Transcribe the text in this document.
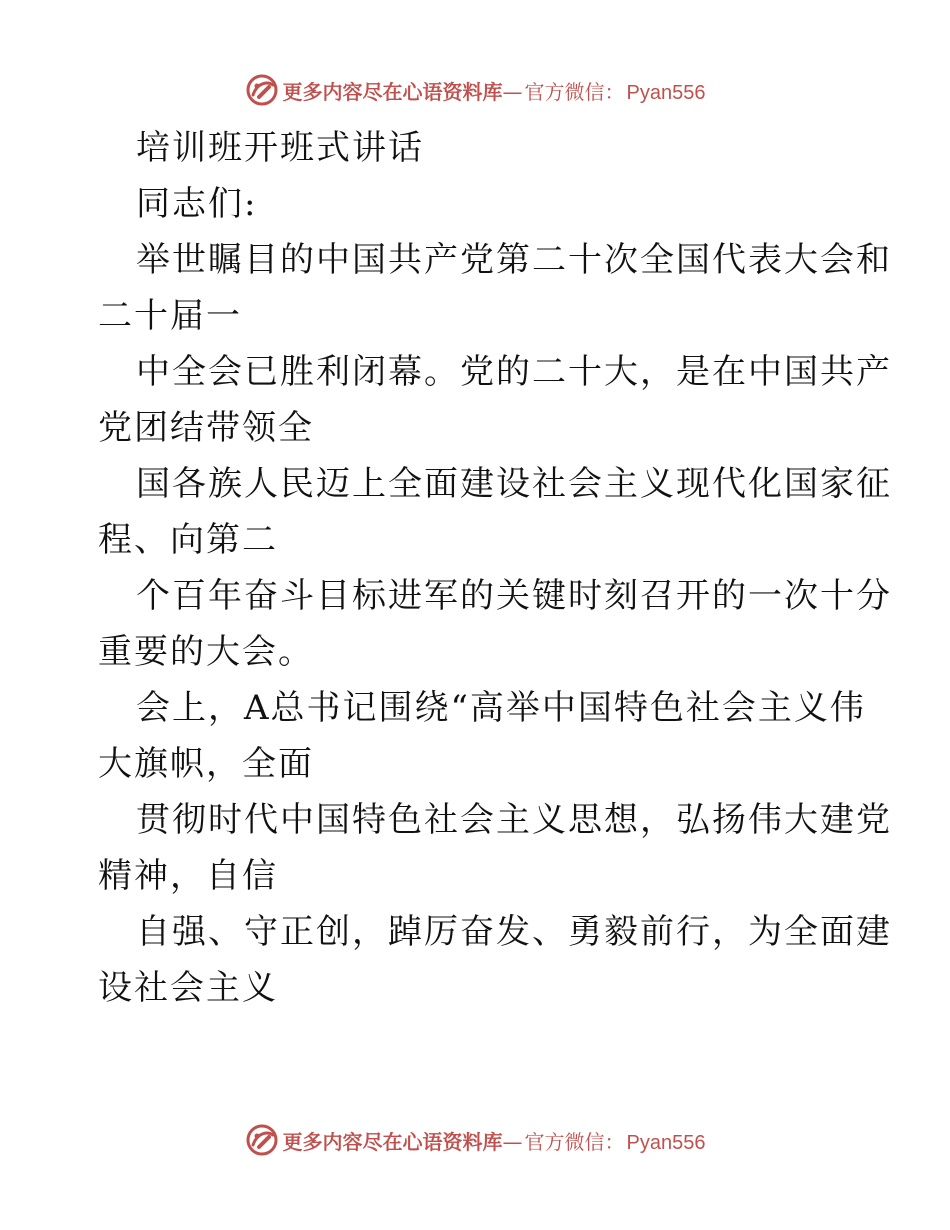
更多内容尽在心语资料库 — 官方微信： Pyan556
培训班开班式讲话
同志们:
举世瞩目的中国共产党第二十次全国代表大会和
二十届一
中全会已胜利闭幕。党的二十大，是在中国共产
党团结带领全
国各族人民迈上全面建设社会主义现代化国家征
程、向第二
个百年奋斗目标进军的关键时刻召开的一次十分
重要的大会。
会上，A总书记围绕“高举中国特色社会主义伟
大旗帜，全面
贯彻时代中国特色社会主义思想，弘扬伟大建党
精神，自信
自强、守正创，踔厉奋发、勇毅前行，为全面建
设社会主义
更多内容尽在心语资料库 — 官方微信： Pyan556
